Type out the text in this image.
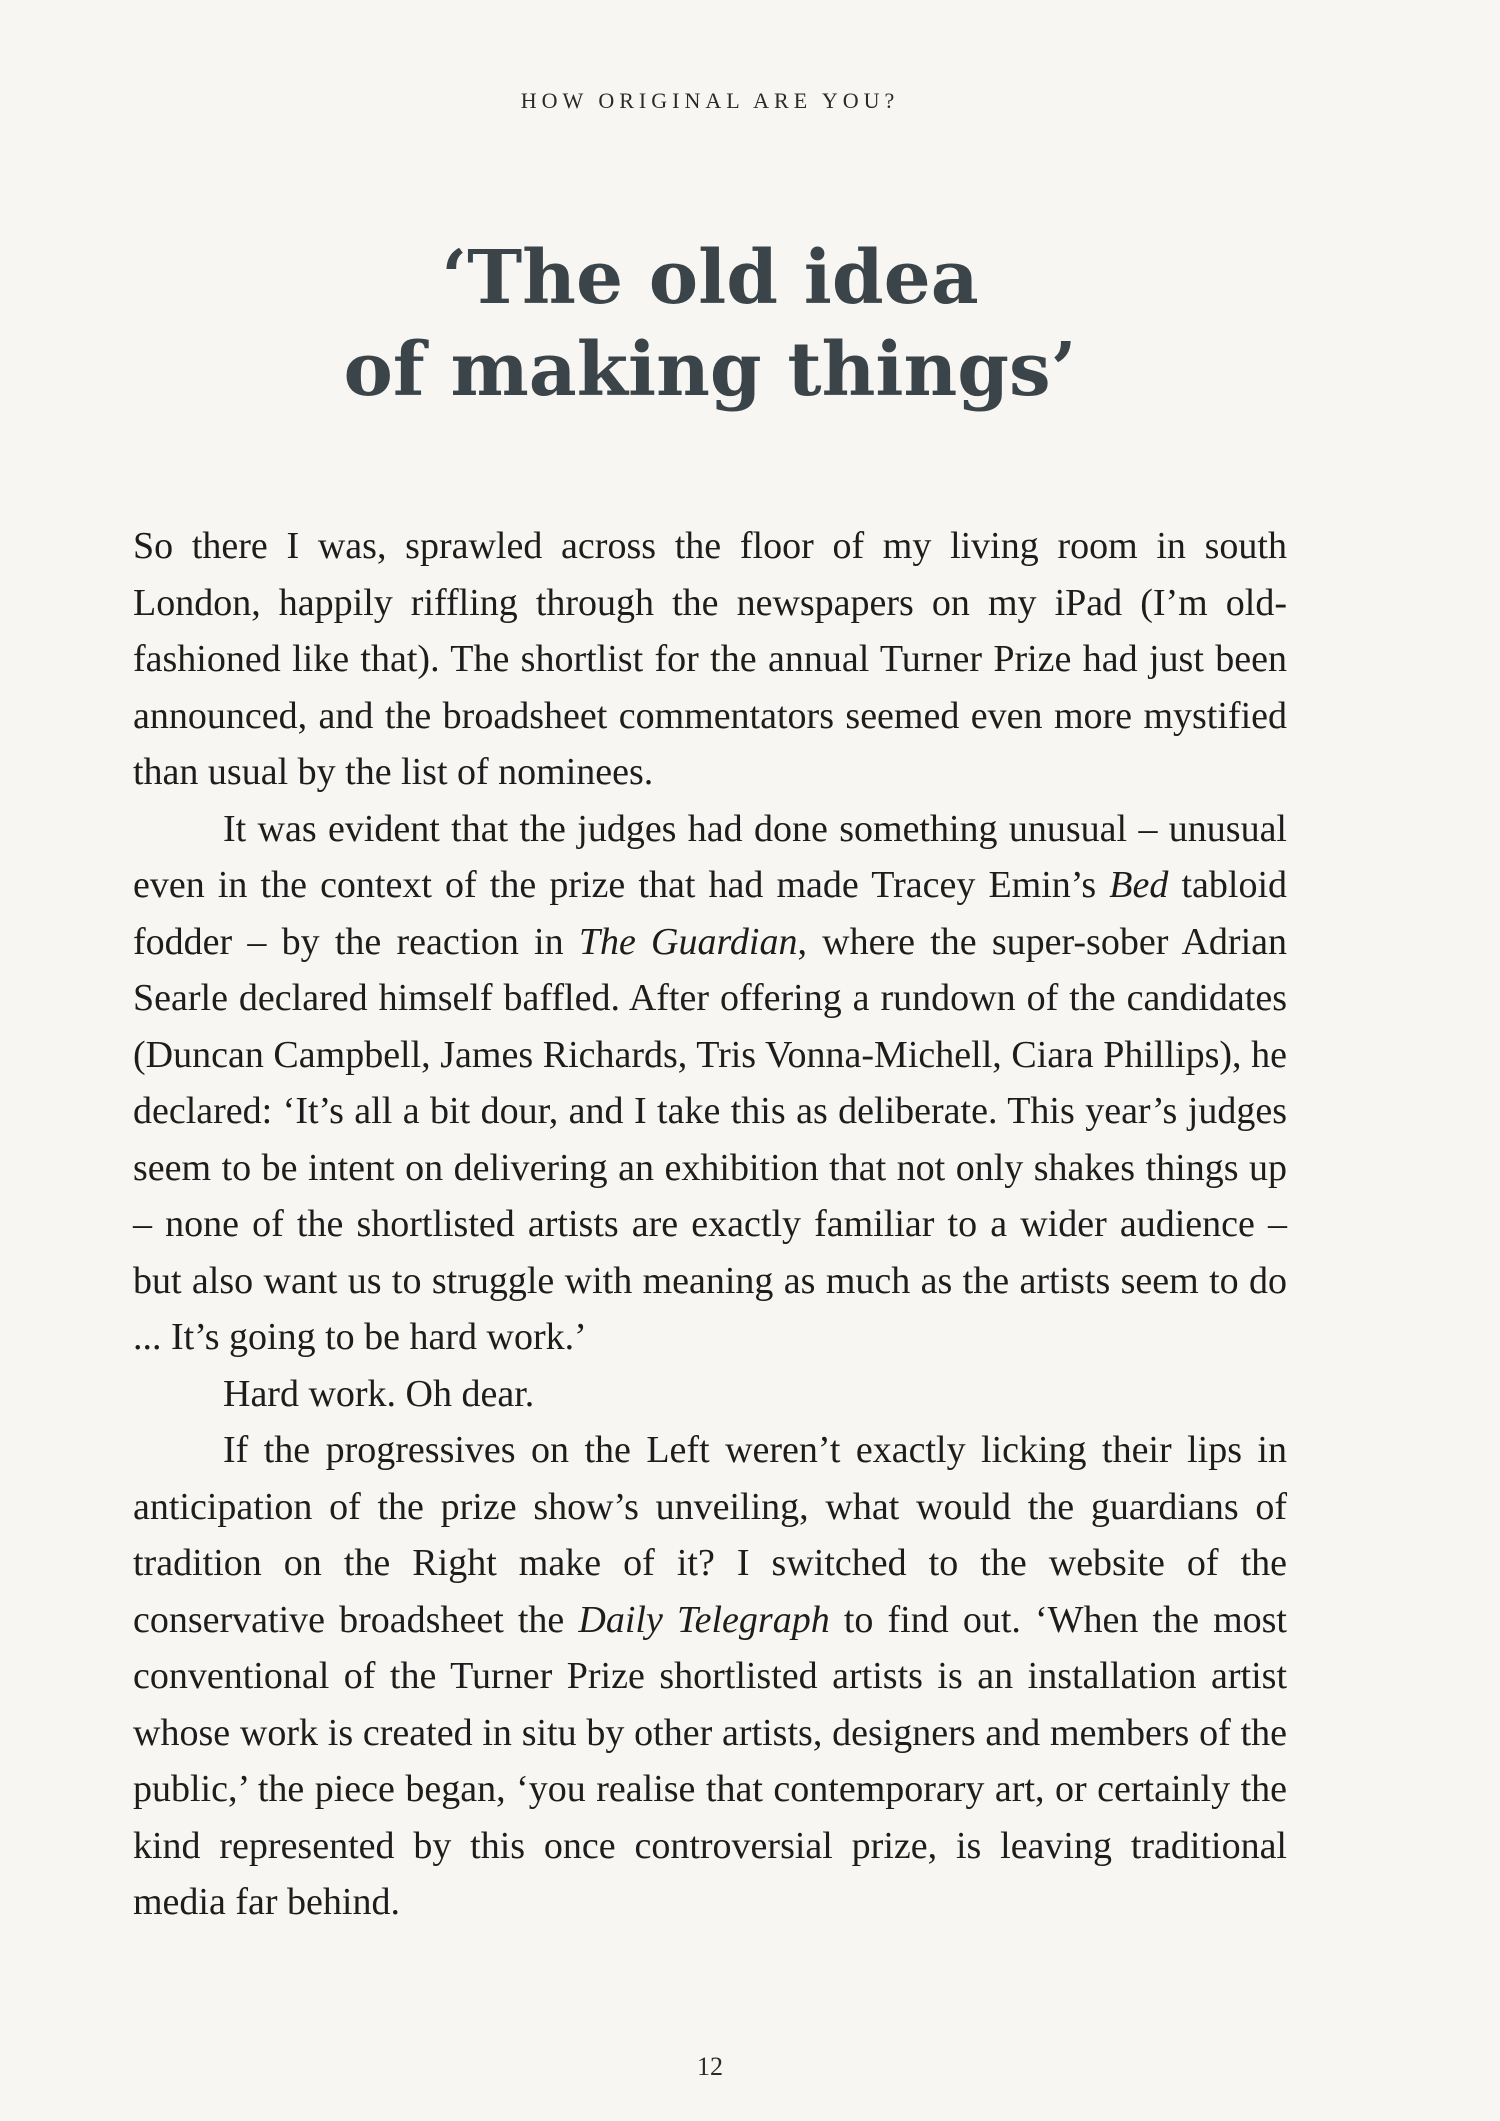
HOW ORIGINAL ARE YOU?
‘The old idea
of making things’

So there I was, sprawled across the floor of my living room in south London, happily riffling through the newspapers on my iPad (I’m old-fashioned like that). The shortlist for the annual Turner Prize had just been announced, and the broadsheet commentators seemed even more mystified than usual by the list of nominees.

It was evident that the judges had done something unusual – unusual even in the context of the prize that had made Tracey Emin’s Bed tabloid fodder – by the reaction in The Guardian, where the super-sober Adrian Searle declared himself baffled. After offering a rundown of the candidates (Duncan Campbell, James Richards, Tris Vonna-Michell, Ciara Phillips), he declared: ‘It’s all a bit dour, and I take this as deliberate. This year’s judges seem to be intent on delivering an exhibition that not only shakes things up – none of the shortlisted artists are exactly familiar to a wider audience – but also want us to struggle with meaning as much as the artists seem to do ... It’s going to be hard work.’

Hard work. Oh dear.

If the progressives on the Left weren’t exactly licking their lips in anticipation of the prize show’s unveiling, what would the guardians of tradition on the Right make of it? I switched to the website of the conservative broadsheet the Daily Telegraph to find out. ‘When the most conventional of the Turner Prize shortlisted artists is an installation artist whose work is created in situ by other artists, designers and members of the public,’ the piece began, ‘you realise that contemporary art, or certainly the kind represented by this once controversial prize, is leaving traditional media far behind.

12
